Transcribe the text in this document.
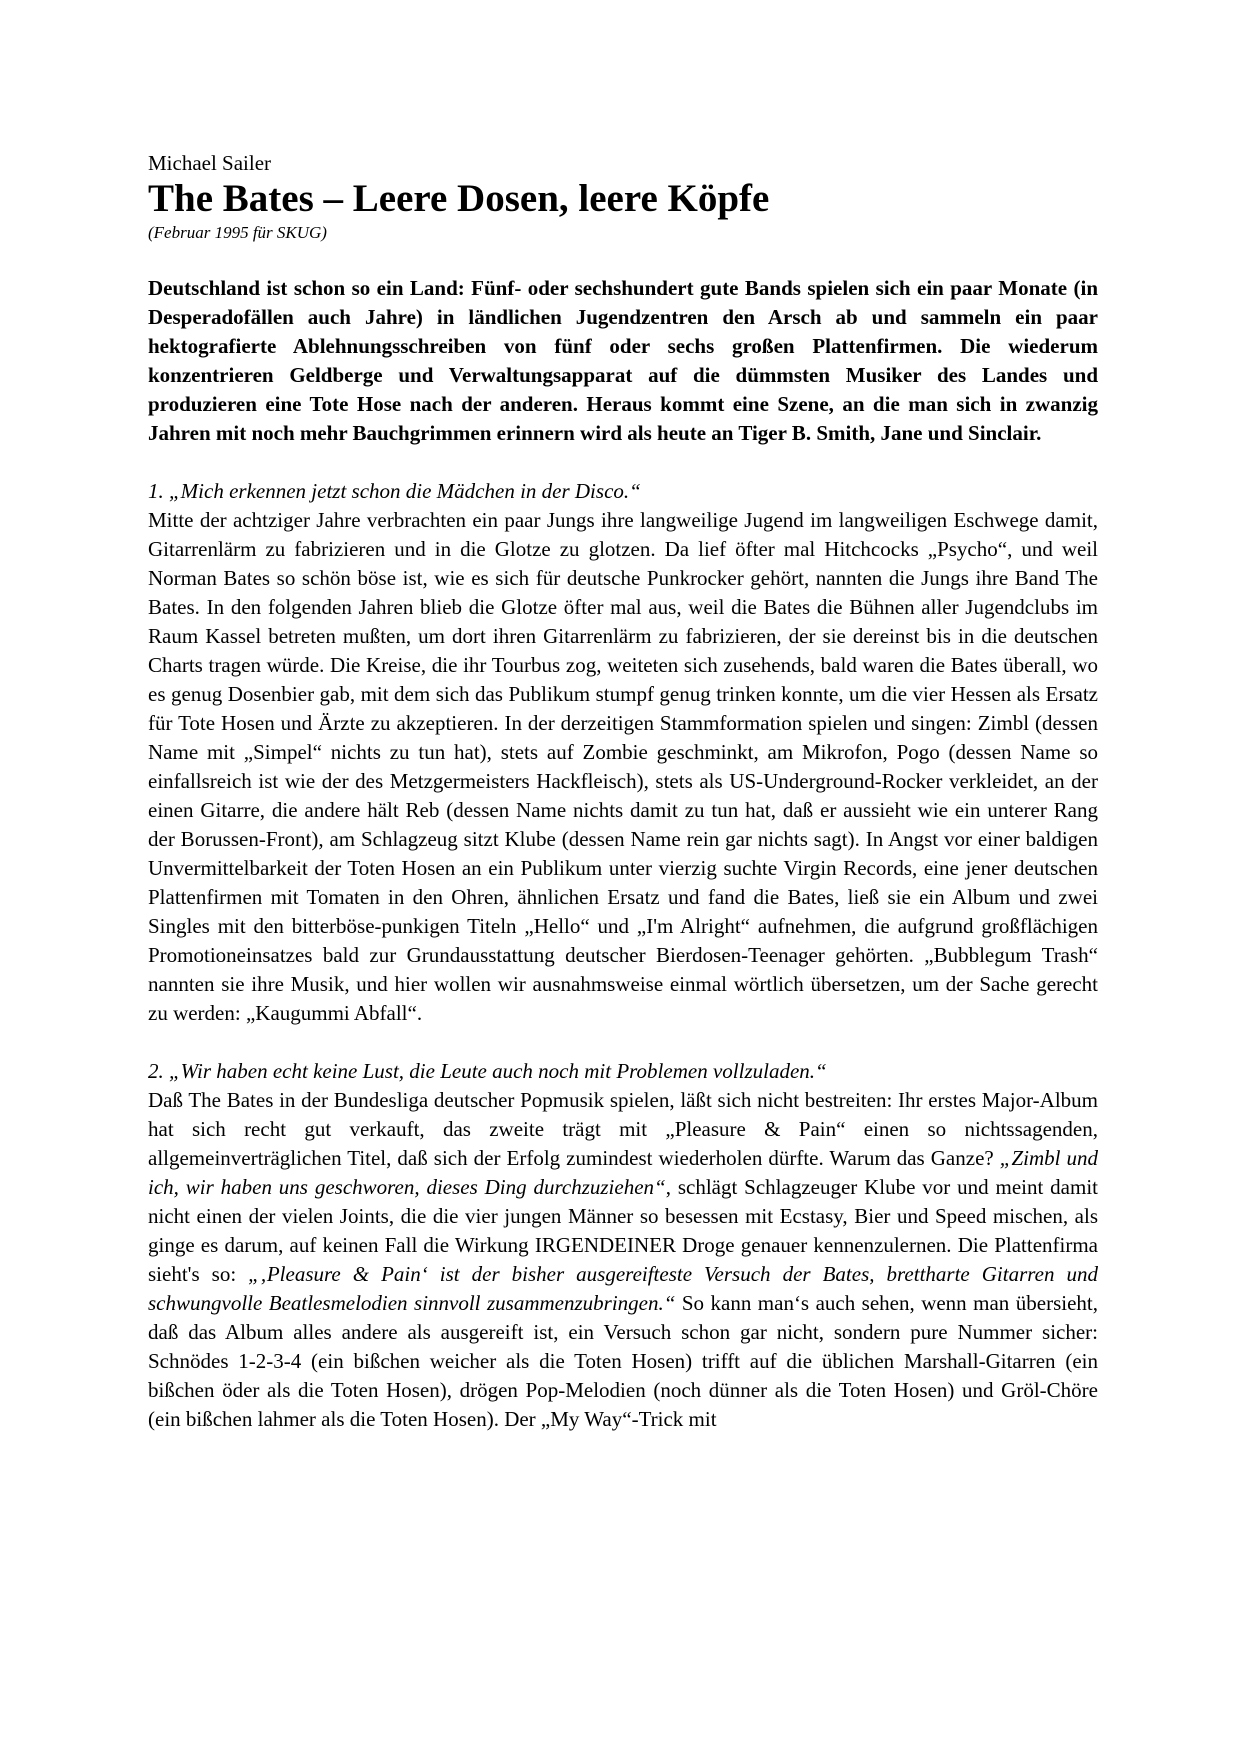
Michael Sailer

The Bates – Leere Dosen, leere Köpfe

(Februar 1995 für SKUG)

Deutschland ist schon so ein Land: Fünf- oder sechshundert gute Bands spielen sich ein paar Monate (in Desperadofällen auch Jahre) in ländlichen Jugendzentren den Arsch ab und sammeln ein paar hektografierte Ablehnungsschreiben von fünf oder sechs großen Plattenfirmen. Die wiederum konzentrieren Geldberge und Verwaltungsapparat auf die dümmsten Musiker des Landes und produzieren eine Tote Hose nach der anderen. Heraus kommt eine Szene, an die man sich in zwanzig Jahren mit noch mehr Bauchgrimmen erinnern wird als heute an Tiger B. Smith, Jane und Sinclair.

1. „Mich erkennen jetzt schon die Mädchen in der Disco.“

Mitte der achtziger Jahre verbrachten ein paar Jungs ihre langweilige Jugend im langweiligen Eschwege damit, Gitarrenlärm zu fabrizieren und in die Glotze zu glotzen. Da lief öfter mal Hitchcocks „Psycho“, und weil Norman Bates so schön böse ist, wie es sich für deutsche Punkrocker gehört, nannten die Jungs ihre Band The Bates. In den folgenden Jahren blieb die Glotze öfter mal aus, weil die Bates die Bühnen aller Jugendclubs im Raum Kassel betreten mußten, um dort ihren Gitarrenlärm zu fabrizieren, der sie dereinst bis in die deutschen Charts tragen würde. Die Kreise, die ihr Tourbus zog, weiteten sich zusehends, bald waren die Bates überall, wo es genug Dosenbier gab, mit dem sich das Publikum stumpf genug trinken konnte, um die vier Hessen als Ersatz für Tote Hosen und Ärzte zu akzeptieren. In der derzeitigen Stammformation spielen und singen: Zimbl (dessen Name mit „Simpel“ nichts zu tun hat), stets auf Zombie geschminkt, am Mikrofon, Pogo (dessen Name so einfallsreich ist wie der des Metzgermeisters Hackfleisch), stets als US-Underground-Rocker verkleidet, an der einen Gitarre, die andere hält Reb (dessen Name nichts damit zu tun hat, daß er aussieht wie ein unterer Rang der Borussen-Front), am Schlagzeug sitzt Klube (dessen Name rein gar nichts sagt). In Angst vor einer baldigen Unvermittelbarkeit der Toten Hosen an ein Publikum unter vierzig suchte Virgin Records, eine jener deutschen Plattenfirmen mit Tomaten in den Ohren, ähnlichen Ersatz und fand die Bates, ließ sie ein Album und zwei Singles mit den bitterböse-punkigen Titeln „Hello“ und „I'm Alright“ aufnehmen, die aufgrund großflächigen Promotioneinsatzes bald zur Grundausstattung deutscher Bierdosen-Teenager gehörten. „Bubblegum Trash“ nannten sie ihre Musik, und hier wollen wir ausnahmsweise einmal wörtlich übersetzen, um der Sache gerecht zu werden: „Kaugummi Abfall“.

2. „Wir haben echt keine Lust, die Leute auch noch mit Problemen vollzuladen.“

Daß The Bates in der Bundesliga deutscher Popmusik spielen, läßt sich nicht bestreiten: Ihr erstes Major-Album hat sich recht gut verkauft, das zweite trägt mit „Pleasure & Pain“ einen so nichtssagenden, allgemeinverträglichen Titel, daß sich der Erfolg zumindest wiederholen dürfte. Warum das Ganze? „Zimbl und ich, wir haben uns geschworen, dieses Ding durchzuziehen“, schlägt Schlagzeuger Klube vor und meint damit nicht einen der vielen Joints, die die vier jungen Männer so besessen mit Ecstasy, Bier und Speed mischen, als ginge es darum, auf keinen Fall die Wirkung IRGENDEINER Droge genauer kennenzulernen. Die Plattenfirma sieht's so: „‚Pleasure & Pain‘ ist der bisher ausgereifteste Versuch der Bates, brettharte Gitarren und schwungvolle Beatlesmelodien sinnvoll zusammenzubringen.“ So kann man‘s auch sehen, wenn man übersieht, daß das Album alles andere als ausgereift ist, ein Versuch schon gar nicht, sondern pure Nummer sicher: Schnödes 1-2-3-4 (ein bißchen weicher als die Toten Hosen) trifft auf die üblichen Marshall-Gitarren (ein bißchen öder als die Toten Hosen), drögen Pop-Melodien (noch dünner als die Toten Hosen) und Gröl-Chöre (ein bißchen lahmer als die Toten Hosen). Der „My Way“-Trick mit
